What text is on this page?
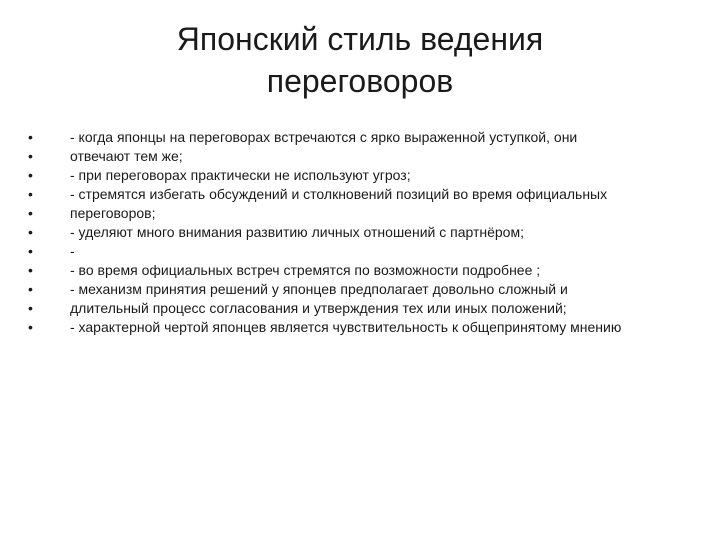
Японский стиль ведения
переговоров
•	- когда японцы на переговорах встречаются с ярко выраженной уступкой, они
•	отвечают тем же;
•	- при переговорах практически не используют угроз;
•	- стремятся избегать обсуждений и столкновений позиций во время официальных
•	переговоров;
•	- уделяют много внимания развитию личных отношений с партнёром;
•	-
•	- во время официальных встреч стремятся по возможности подробнее ;
•	- механизм принятия решений у японцев предполагает довольно сложный и
•	длительный процесс согласования и утверждения тех или иных положений;
•	- характерной чертой японцев является чувствительность к общепринятому мнению
